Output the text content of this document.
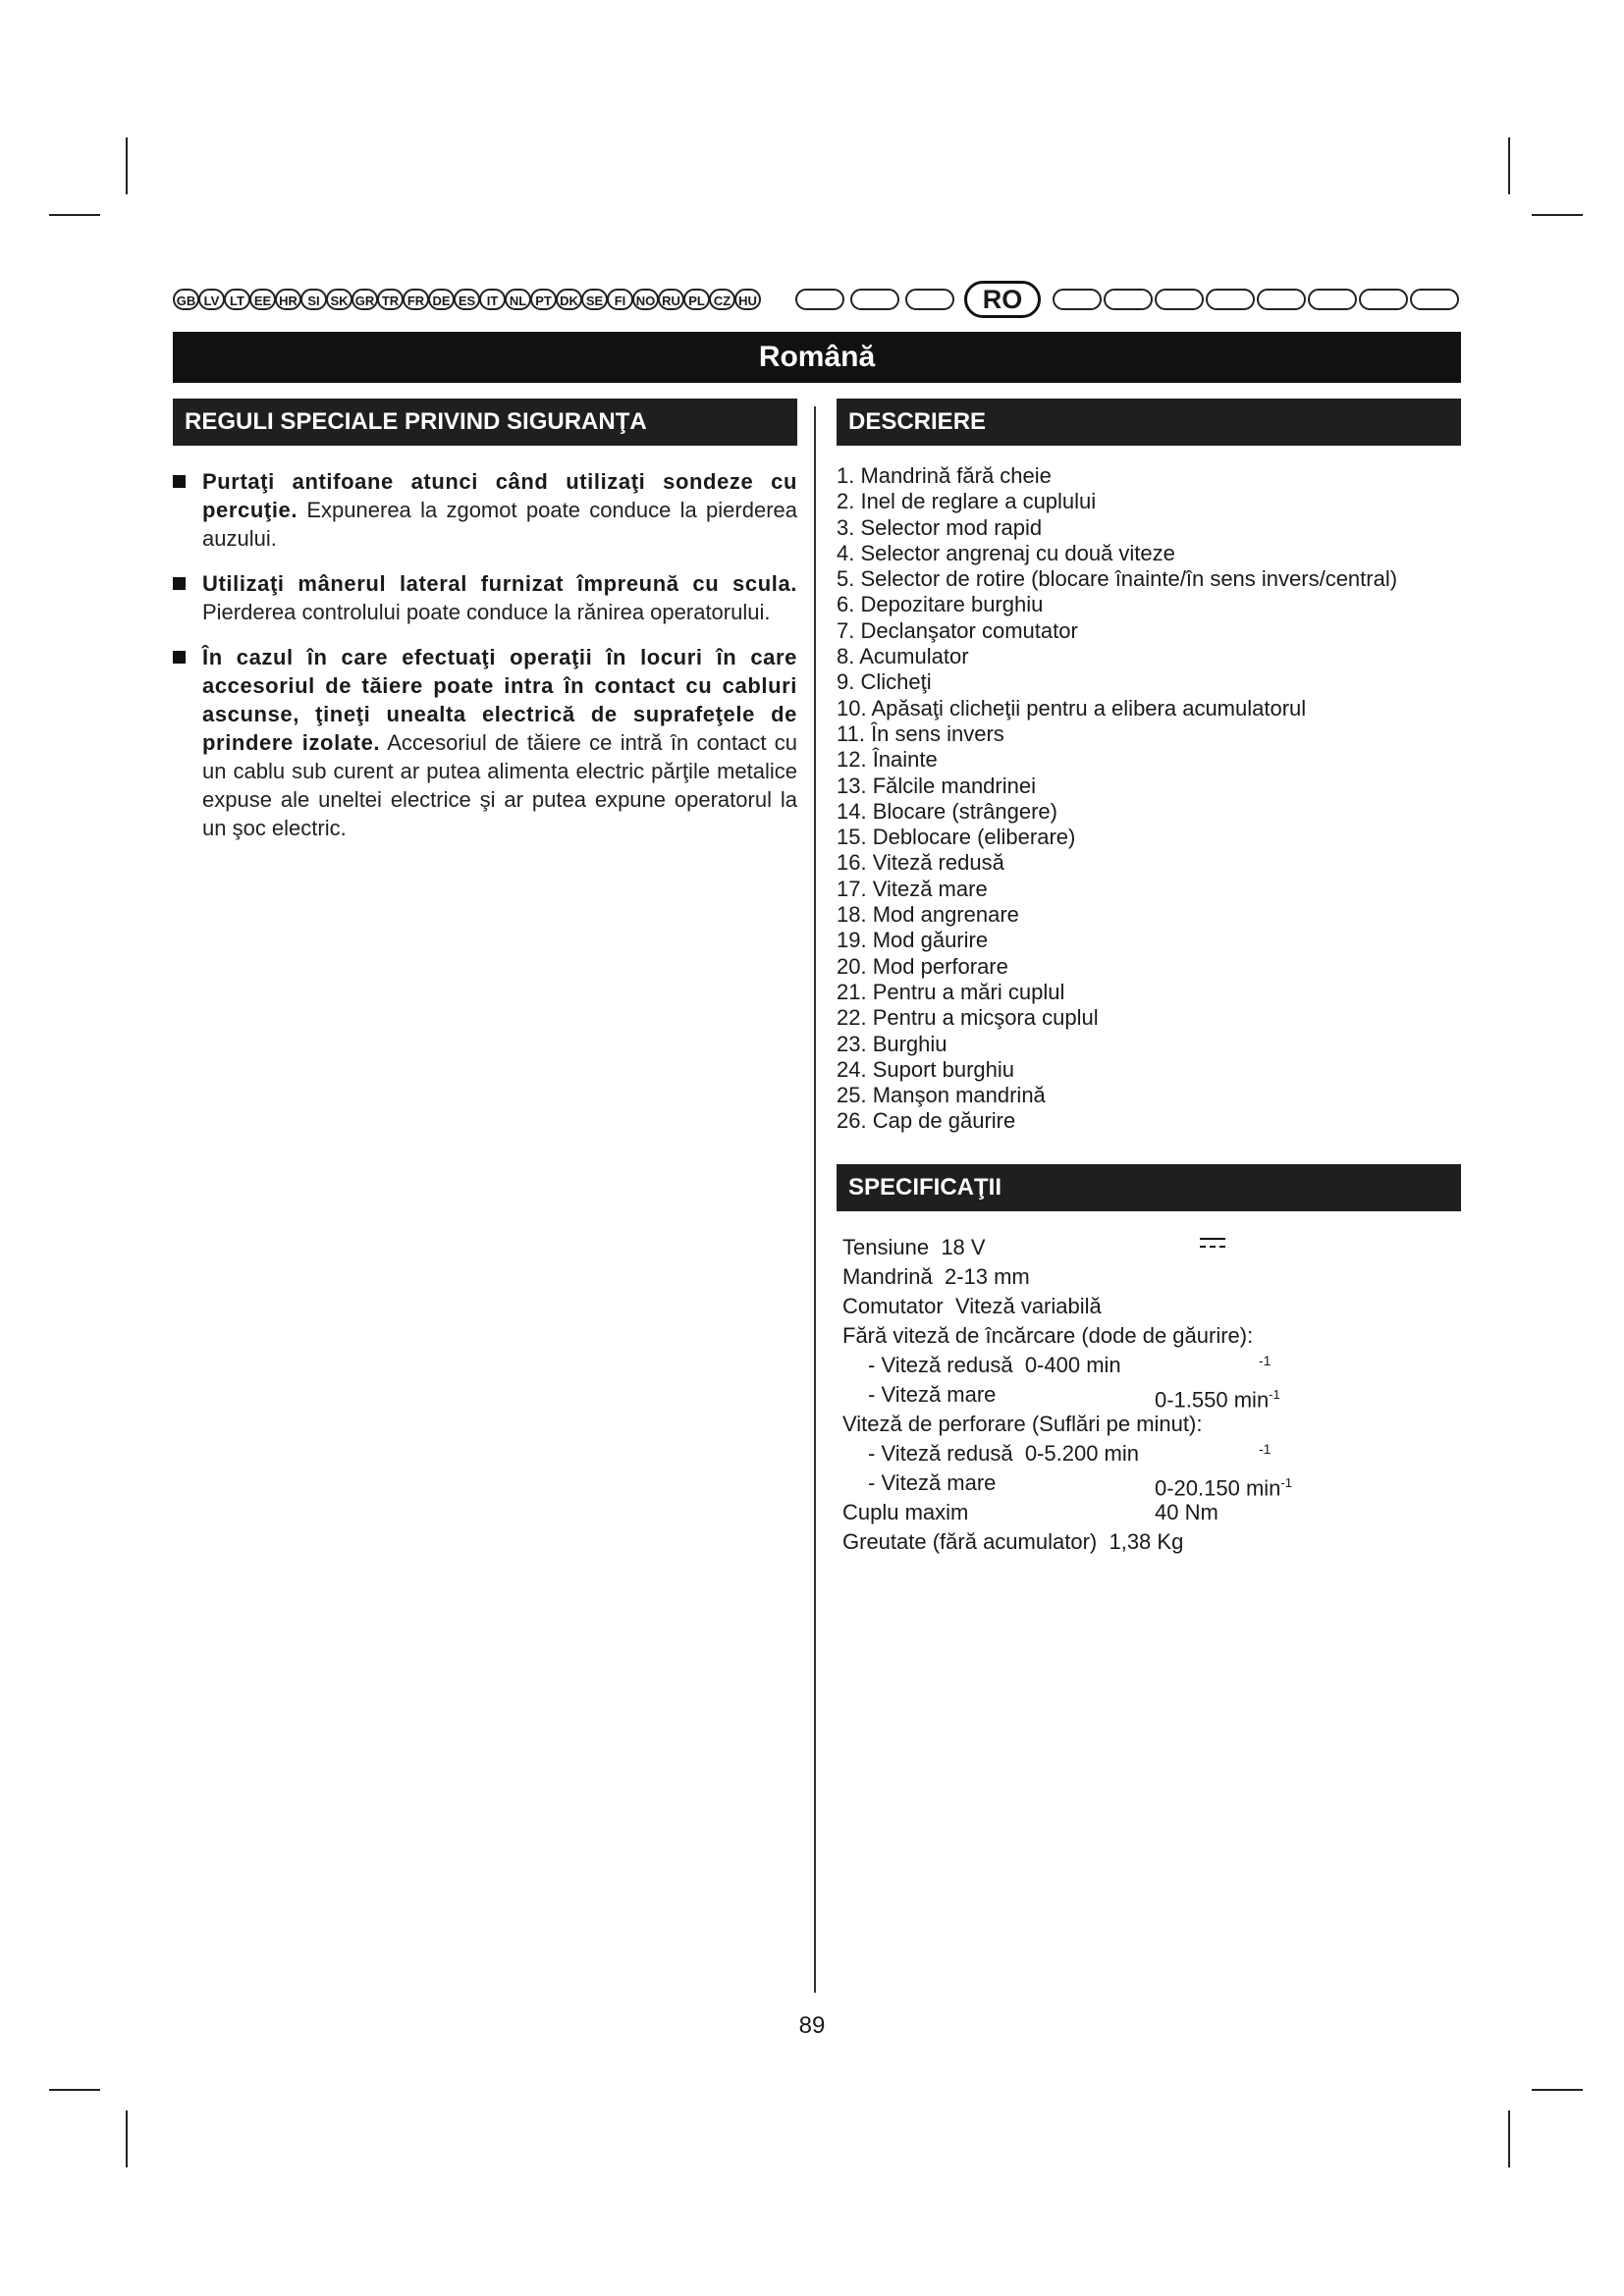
GB LV LT EE HR SI SK GR TR FR DE ES IT NL PT DK SE FI NO RU PL CZ HU	RO
Română
REGULI SPECIALE PRIVIND SIGURANŢA
Purtaţi antifoane atunci când utilizaţi sondeze cu percuţie. Expunerea la zgomot poate conduce la pierderea auzului.
Utilizaţi mânerul lateral furnizat împreună cu scula. Pierderea controlului poate conduce la rănirea operatorului.
În cazul în care efectuaţi operaţii în locuri în care accesoriul de tăiere poate intra în contact cu cabluri ascunse, ţineţi unealta electrică de suprafeţele de prindere izolate. Accesoriul de tăiere ce intră în contact cu un cablu sub curent ar putea alimenta electric părţile metalice expuse ale uneltei electrice şi ar putea expune operatorul la un şoc electric.
DESCRIERE
1. Mandrină fără cheie
2. Inel de reglare a cuplului
3. Selector mod rapid
4. Selector angrenaj cu două viteze
5. Selector de rotire (blocare înainte/în sens invers/central)
6. Depozitare burghiu
7. Declanşator comutator
8. Acumulator
9. Clicheţi
10. Apăsaţi clicheţii pentru a elibera acumulatorul
11. În sens invers
12. Înainte
13. Fălcile mandrinei
14. Blocare (strângere)
15. Deblocare (eliberare)
16. Viteză redusă
17. Viteză mare
18. Mod angrenare
19. Mod găurire
20. Mod perforare
21. Pentru a mări cuplul
22. Pentru a micşora cuplul
23. Burghiu
24. Suport burghiu
25. Manşon mandrină
26. Cap de găurire
SPECIFICAŢII
Tensiune 18 V
Mandrină 2-13 mm
Comutator Viteză variabilă
Fără viteză de încărcare (dode de găurire):
- Viteză redusă 0-400 min	-1
- Viteză mare	0-1.550 $\min^{-1}$
Viteză de perforare (Suflări pe minut):
- Viteză redusă 0-5.200 min	-1
- Viteză mare	0-20.150 $\min^{-1}$
Cuplu maxim	40 Nm
Greutate (fără acumulator) 1,38 Kg
89
